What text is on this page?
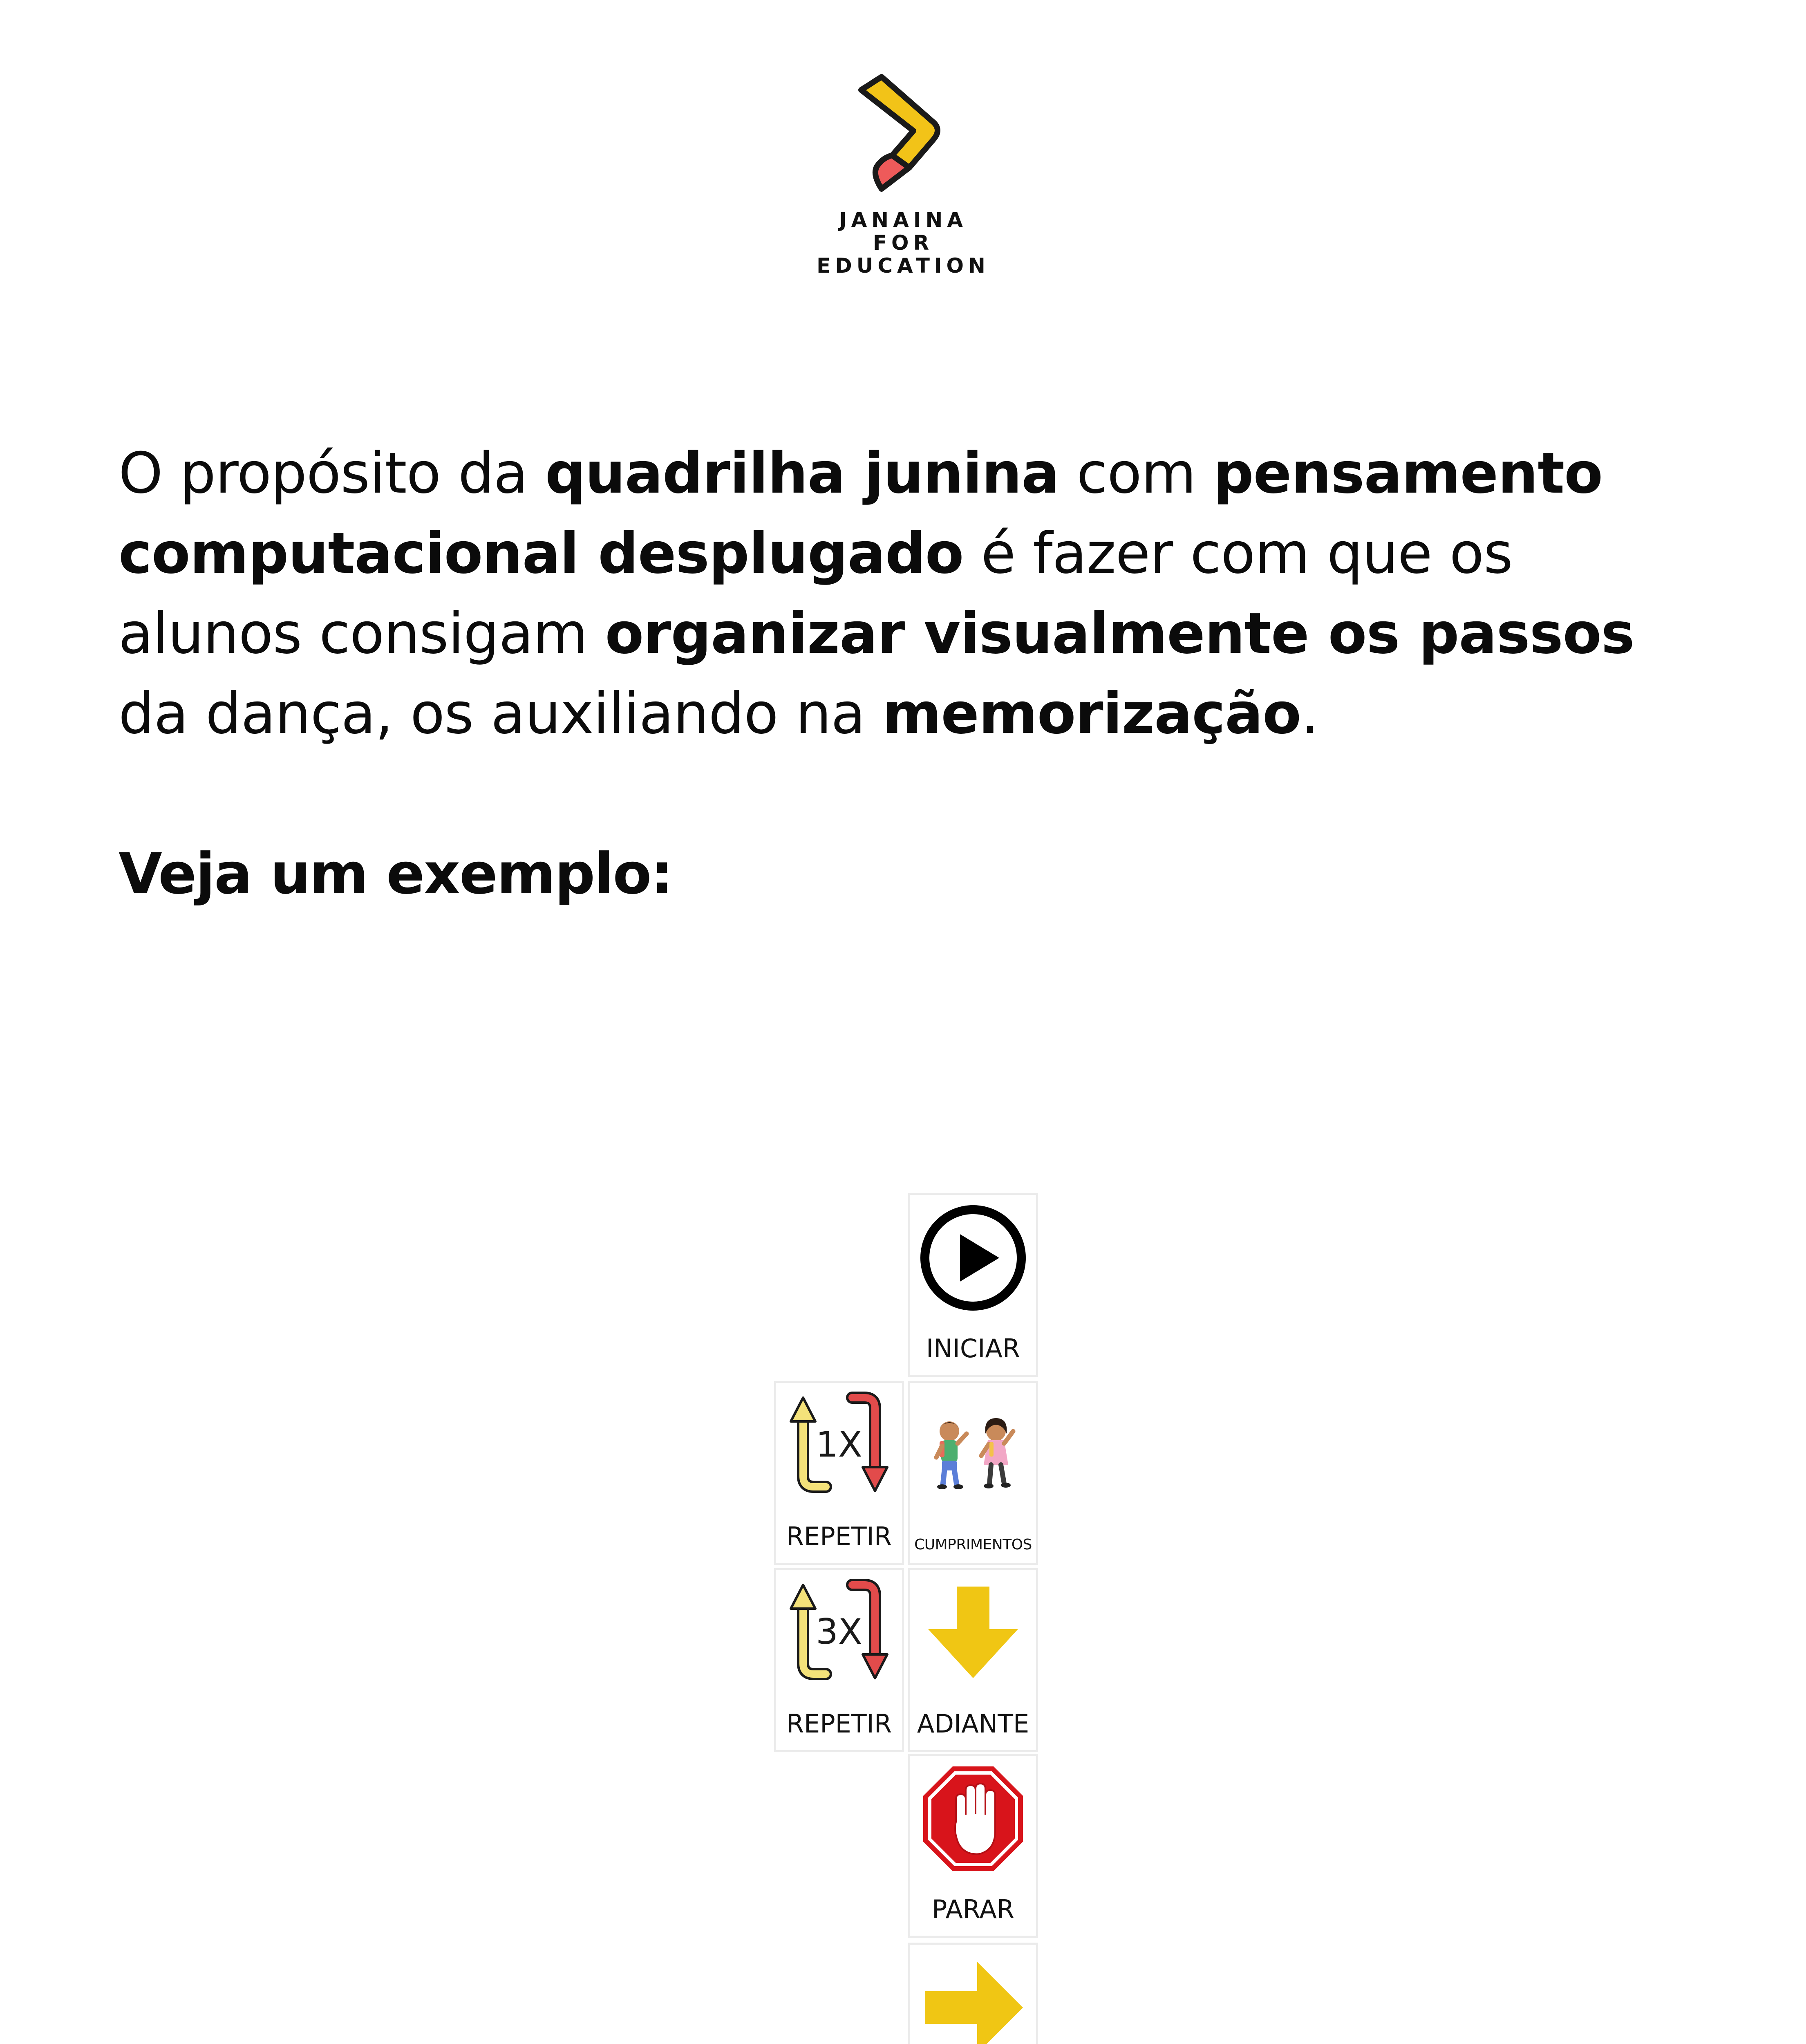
JANAINA
FOR
EDUCATION

O propósito da quadrilha junina com pensamento computacional desplugado é fazer com que os alunos consigam organizar visualmente os passos da dança, os auxiliando na memorização.

Veja um exemplo:
INICIAR
1X
REPETIR	CUMPRIMENTOS
3X
REPETIR ADIANTE
PARAR
